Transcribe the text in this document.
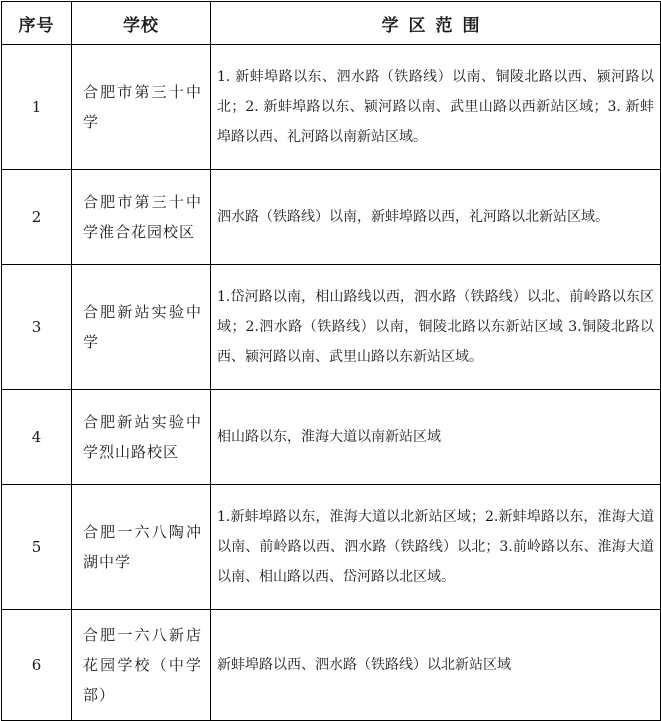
序号	学校	学区范围
1	合肥市第三十中学	1. 新蚌埠路以东、泗水路（铁路线）以南、铜陵北路以西、颍河路以北；2. 新蚌埠路以东、颍河路以南、武里山路以西新站区域；3. 新蚌埠路以西、礼河路以南新站区域。
2	合肥市第三十中学淮合花园校区	泗水路（铁路线）以南，新蚌埠路以西，礼河路以北新站区域。
3	合肥新站实验中学	1.岱河路以南，相山路线以西，泗水路（铁路线）以北、前岭路以东区域；2.泗水路（铁路线）以南，铜陵北路以东新站区域 3.铜陵北路以西、颍河路以南、武里山路以东新站区域。
4	合肥新站实验中学烈山路校区	相山路以东，淮海大道以南新站区域
5	合肥一六八陶冲湖中学	1.新蚌埠路以东，淮海大道以北新站区域；2.新蚌埠路以东，淮海大道以南、前岭路以西、泗水路（铁路线）以北；3.前岭路以东、淮海大道以南、相山路以西、岱河路以北区域。
6	合肥一六八新店花园学校（中学部）	新蚌埠路以西、泗水路（铁路线）以北新站区域
